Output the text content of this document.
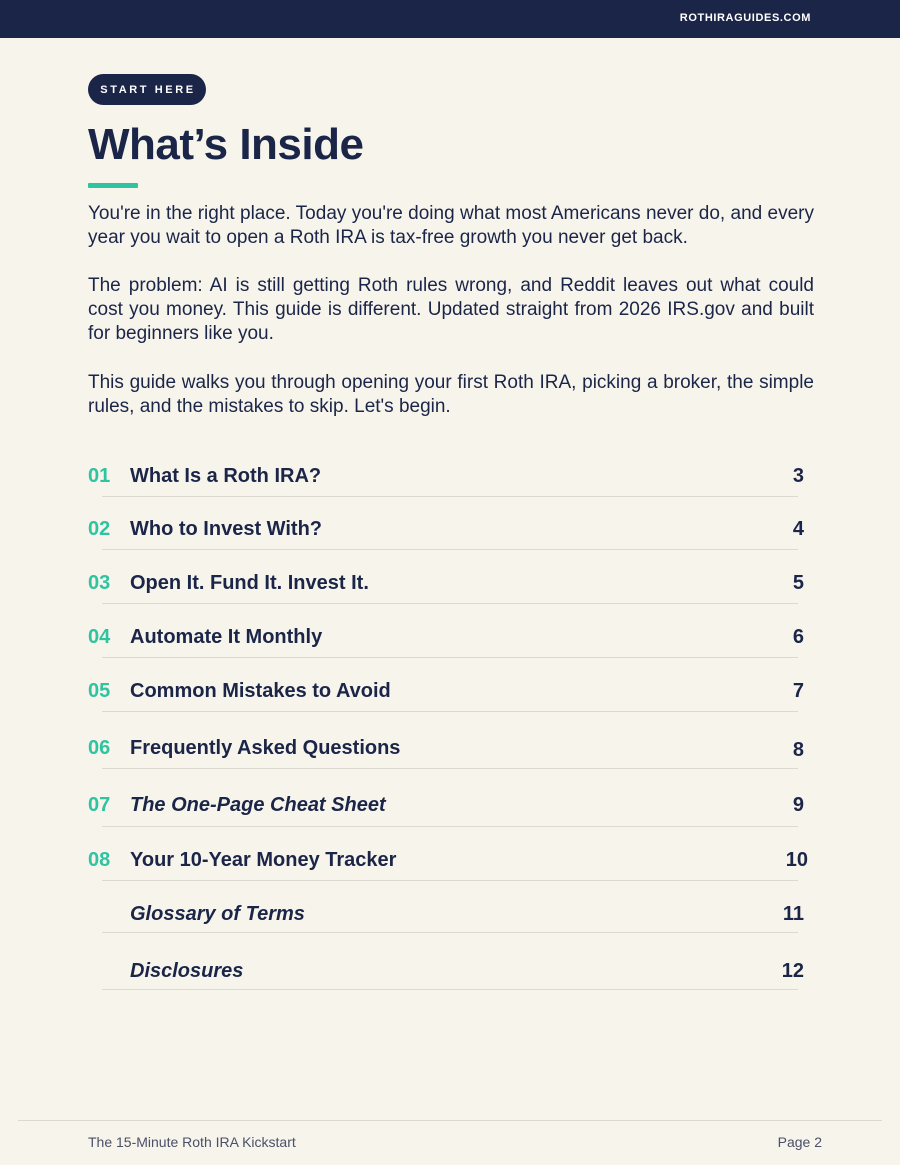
ROTHIRAGUIDES.COM
START HERE
What’s Inside

You're in the right place. Today you're doing what most Americans never do, and every year you wait to open a Roth IRA is tax-free growth you never get back.

The problem: AI is still getting Roth rules wrong, and Reddit leaves out what could cost you money. This guide is different. Updated straight from 2026 IRS.gov and built for beginners like you.

This guide walks you through opening your first Roth IRA, picking a broker, the simple rules, and the mistakes to skip. Let's begin.

01 What Is a Roth IRA?	3
02 Who to Invest With?	4
03 Open It. Fund It. Invest It.	5
04 Automate It Monthly	6
05 Common Mistakes to Avoid	7
06 Frequently Asked Questions	8
07 The One-Page Cheat Sheet	9
08 Your 10-Year Money Tracker	10
Glossary of Terms	11
Disclosures	12
The 15-Minute Roth IRA Kickstart	Page 2
